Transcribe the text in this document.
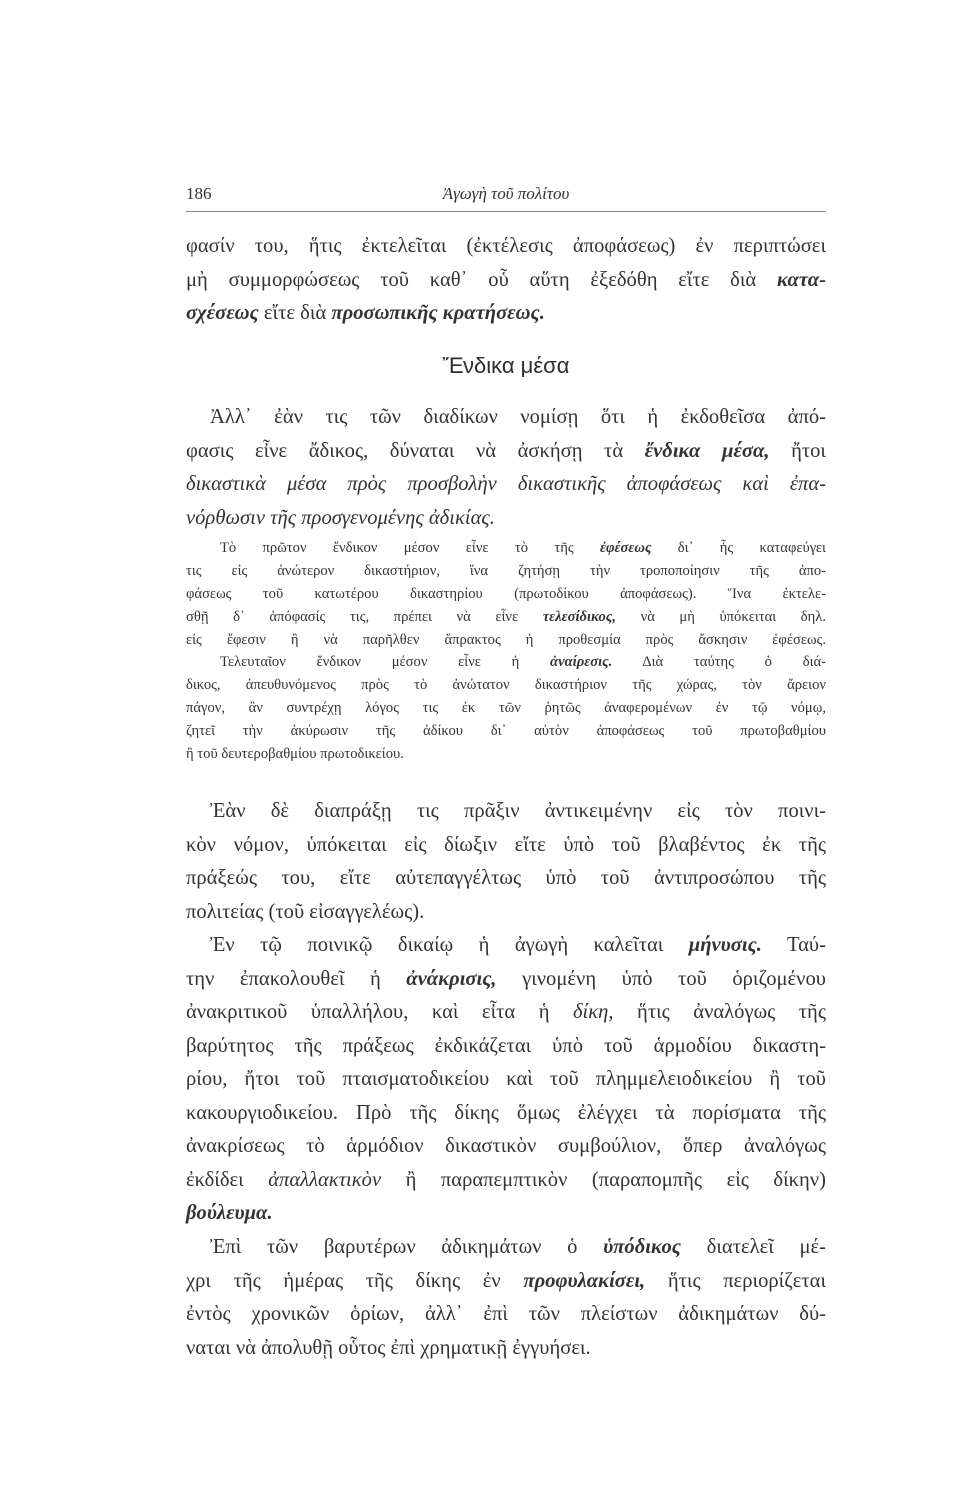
186	Ἀγωγὴ τοῦ πολίτου
φασίν του, ἥτις ἐκτελεῖται (ἐκτέλεσις ἀποφάσεως) ἐν περιπτώσει
μὴ συμμορφώσεως τοῦ καθ᾿ οὗ αὕτη ἐξεδόθη εἴτε διὰ κατα-
σχέσεως εἴτε διὰ προσωπικῆς κρατήσεως.
Ἔνδικα μέσα
Ἀλλ᾿ ἐὰν τις τῶν διαδίκων νομίσῃ ὅτι ἡ ἐκδοθεῖσα ἀπό-
φασις εἶνε ἄδικος, δύναται νὰ ἀσκήσῃ τὰ ἔνδικα μέσα, ἤτοι
δικαστικὰ μέσα πρὸς προσβολὴν δικαστικῆς ἀποφάσεως καὶ ἐπα-
νόρθωσιν τῆς προσγενομένης ἀδικίας.
Τὸ πρῶτον ἔνδικον μέσον εἶνε τὸ τῆς ἐφέσεως δι᾿ ἧς καταφεύγει
τις εἰς ἀνώτερον δικαστήριον, ἵνα ζητήσῃ τὴν τροποποίησιν τῆς ἀπο-
φάσεως τοῦ κατωτέρου δικαστηρίου (πρωτοδίκου ἀποφάσεως). Ἵνα ἐκτελε-
σθῇ δ᾿ ἀπόφασίς τις, πρέπει νὰ εἶνε τελεσίδικος, νὰ μὴ ὑπόκειται δηλ.
εἰς ἔφεσιν ἢ νὰ παρῆλθεν ἄπρακτος ἡ προθεσμία πρὸς ἄσκησιν ἐφέσεως.
Τελευταῖον ἔνδικον μέσον εἶνε ἡ ἀναίρεσις. Διὰ ταύτης ὁ διά-
δικος, ἀπευθυνόμενος πρὸς τὸ ἀνώτατον δικαστήριον τῆς χώρας, τὸν ἄρειον
πάγον, ἂν συντρέχῃ λόγος τις ἐκ τῶν ῥητῶς ἀναφερομένων ἐν τῷ νόμῳ,
ζητεῖ τὴν ἀκύρωσιν τῆς ἀδίκου δι᾿ αὐτὸν ἀποφάσεως τοῦ πρωτοβαθμίου
ἢ τοῦ δευτεροβαθμίου πρωτοδικείου.
Ἐὰν δὲ διαπράξῃ τις πρᾶξιν ἀντικειμένην εἰς τὸν ποινι-
κὸν νόμον, ὑπόκειται εἰς δίωξιν εἴτε ὑπὸ τοῦ βλαβέντος ἐκ τῆς
πράξεώς του, εἴτε αὐτεπαγγέλτως ὑπὸ τοῦ ἀντιπροσώπου τῆς
πολιτείας (τοῦ εἰσαγγελέως).
Ἐν τῷ ποινικῷ δικαίῳ ἡ ἀγωγὴ καλεῖται μήνυσις. Ταύ-
την ἐπακολουθεῖ ἡ ἀνάκρισις, γινομένη ὑπὸ τοῦ ὁριζομένου
ἀνακριτικοῦ ὑπαλλήλου, καὶ εἶτα ἡ δίκη, ἥτις ἀναλόγως τῆς
βαρύτητος τῆς πράξεως ἐκδικάζεται ὑπὸ τοῦ ἁρμοδίου δικαστη-
ρίου, ἤτοι τοῦ πταισματοδικείου καὶ τοῦ πλημμελειοδικείου ἢ τοῦ
κακουργιοδικείου. Πρὸ τῆς δίκης ὅμως ἐλέγχει τὰ πορίσματα τῆς
ἀνακρίσεως τὸ ἁρμόδιον δικαστικὸν συμβούλιον, ὅπερ ἀναλόγως
ἐκδίδει ἀπαλλακτικὸν ἢ παραπεμπτικὸν (παραπομπῆς εἰς δίκην)
βούλευμα.
Ἐπὶ τῶν βαρυτέρων ἀδικημάτων ὁ ὑπόδικος διατελεῖ μέ-
χρι τῆς ἡμέρας τῆς δίκης ἐν προφυλακίσει, ἥτις περιορίζεται
ἐντὸς χρονικῶν ὁρίων, ἀλλ᾿ ἐπὶ τῶν πλείστων ἀδικημάτων δύ-
ναται νὰ ἀπολυθῇ οὗτος ἐπὶ χρηματικῇ ἐγγυήσει.
